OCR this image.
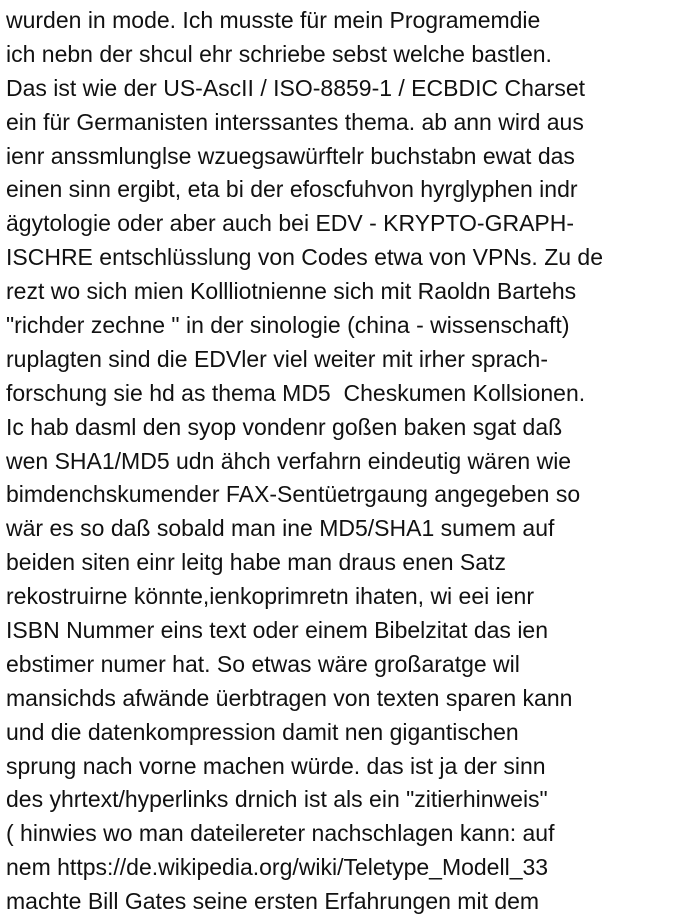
wurden in mode. Ich musste für mein Programemdie
ich nebn der shcul ehr schriebe sebst welche bastlen.
Das ist wie der US-AscII / ISO-8859-1 / ECBDIC Charset
ein für Germanisten interssantes thema. ab ann wird aus
ienr anssmlunglse wzuegsawürftelr buchstabn ewat das
einen sinn ergibt, eta bi der efoscfuhvon hyrglyphen indr
ägytologie oder aber auch bei EDV - KRYPTO-GRAPH-
ISCHRE entschlüsslung von Codes etwa von VPNs. Zu de
rezt wo sich mien Kollliotnienne sich mit Raoldn Bartehs
"richder zechne " in der sinologie (china - wissenschaft)
ruplagten sind die EDVler viel weiter mit irher sprach-
forschung sie hd as thema MD5  Cheskumen Kollsionen.
Ic hab dasml den syop vondenr goßen baken sgat daß
wen SHA1/MD5 udn ähch verfahrn eindeutig wären wie
bimdenchskumender FAX-Sentüetrgaung angegeben so
wär es so daß sobald man ine MD5/SHA1 sumem auf
beiden siten einr leitg habe man draus enen Satz
rekostruirne könnte,ienkoprimretn ihaten, wi eei ienr
ISBN Nummer eins text oder einem Bibelzitat das ien
ebstimer numer hat. So etwas wäre großaratge wil
mansichds afwände üerbtragen von texten sparen kann
und die datenkompression damit nen gigantischen
sprung nach vorne machen würde. das ist ja der sinn
des yhrtext/hyperlinks drnich ist als ein "zitierhinweis"
( hinwies wo man dateilereter nachschlagen kann: auf
nem https://de.wikipedia.org/wiki/Teletype_Modell_33
machte Bill Gates seine ersten Erfahrungen mit dem
